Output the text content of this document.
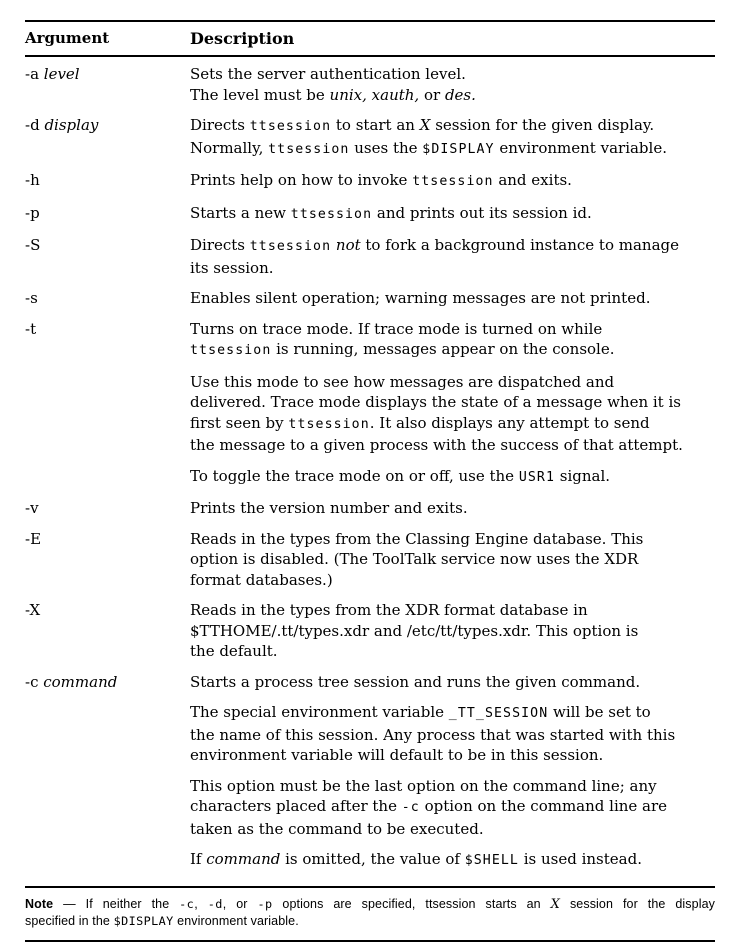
Argument	Description
-a level	Sets the server authentication level.
The level must be unix, xauth, or des.
-d display	Directs ttsession to start an X session for the given display.
Normally, ttsession uses the $DISPLAY environment variable.
-h	Prints help on how to invoke ttsession and exits.
-p	Starts a new ttsession and prints out its session id.
-S	Directs ttsession not to fork a background instance to manage
its session.
-s	Enables silent operation; warning messages are not printed.
-t	Turns on trace mode. If trace mode is turned on while
ttsession is running, messages appear on the console.
Use this mode to see how messages are dispatched and
delivered. Trace mode displays the state of a message when it is
first seen by ttsession. It also displays any attempt to send
the message to a given process with the success of that attempt.
To toggle the trace mode on or off, use the USR1 signal.
-v	Prints the version number and exits.
-E	Reads in the types from the Classing Engine database. This
option is disabled. (The ToolTalk service now uses the XDR
format databases.)
-X	Reads in the types from the XDR format database in
$TTHOME/.tt/types.xdr and /etc/tt/types.xdr. This option is
the default.
-c command	Starts a process tree session and runs the given command.
The special environment variable _TT_SESSION will be set to
the name of this session. Any process that was started with this
environment variable will default to be in this session.
This option must be the last option on the command line; any
characters placed after the -c option on the command line are
taken as the command to be executed.
If command is omitted, the value of $SHELL is used instead.
Note — If neither the -c, -d, or -p options are specified, ttsession starts an X session for the display
specified in the $DISPLAY environment variable.
